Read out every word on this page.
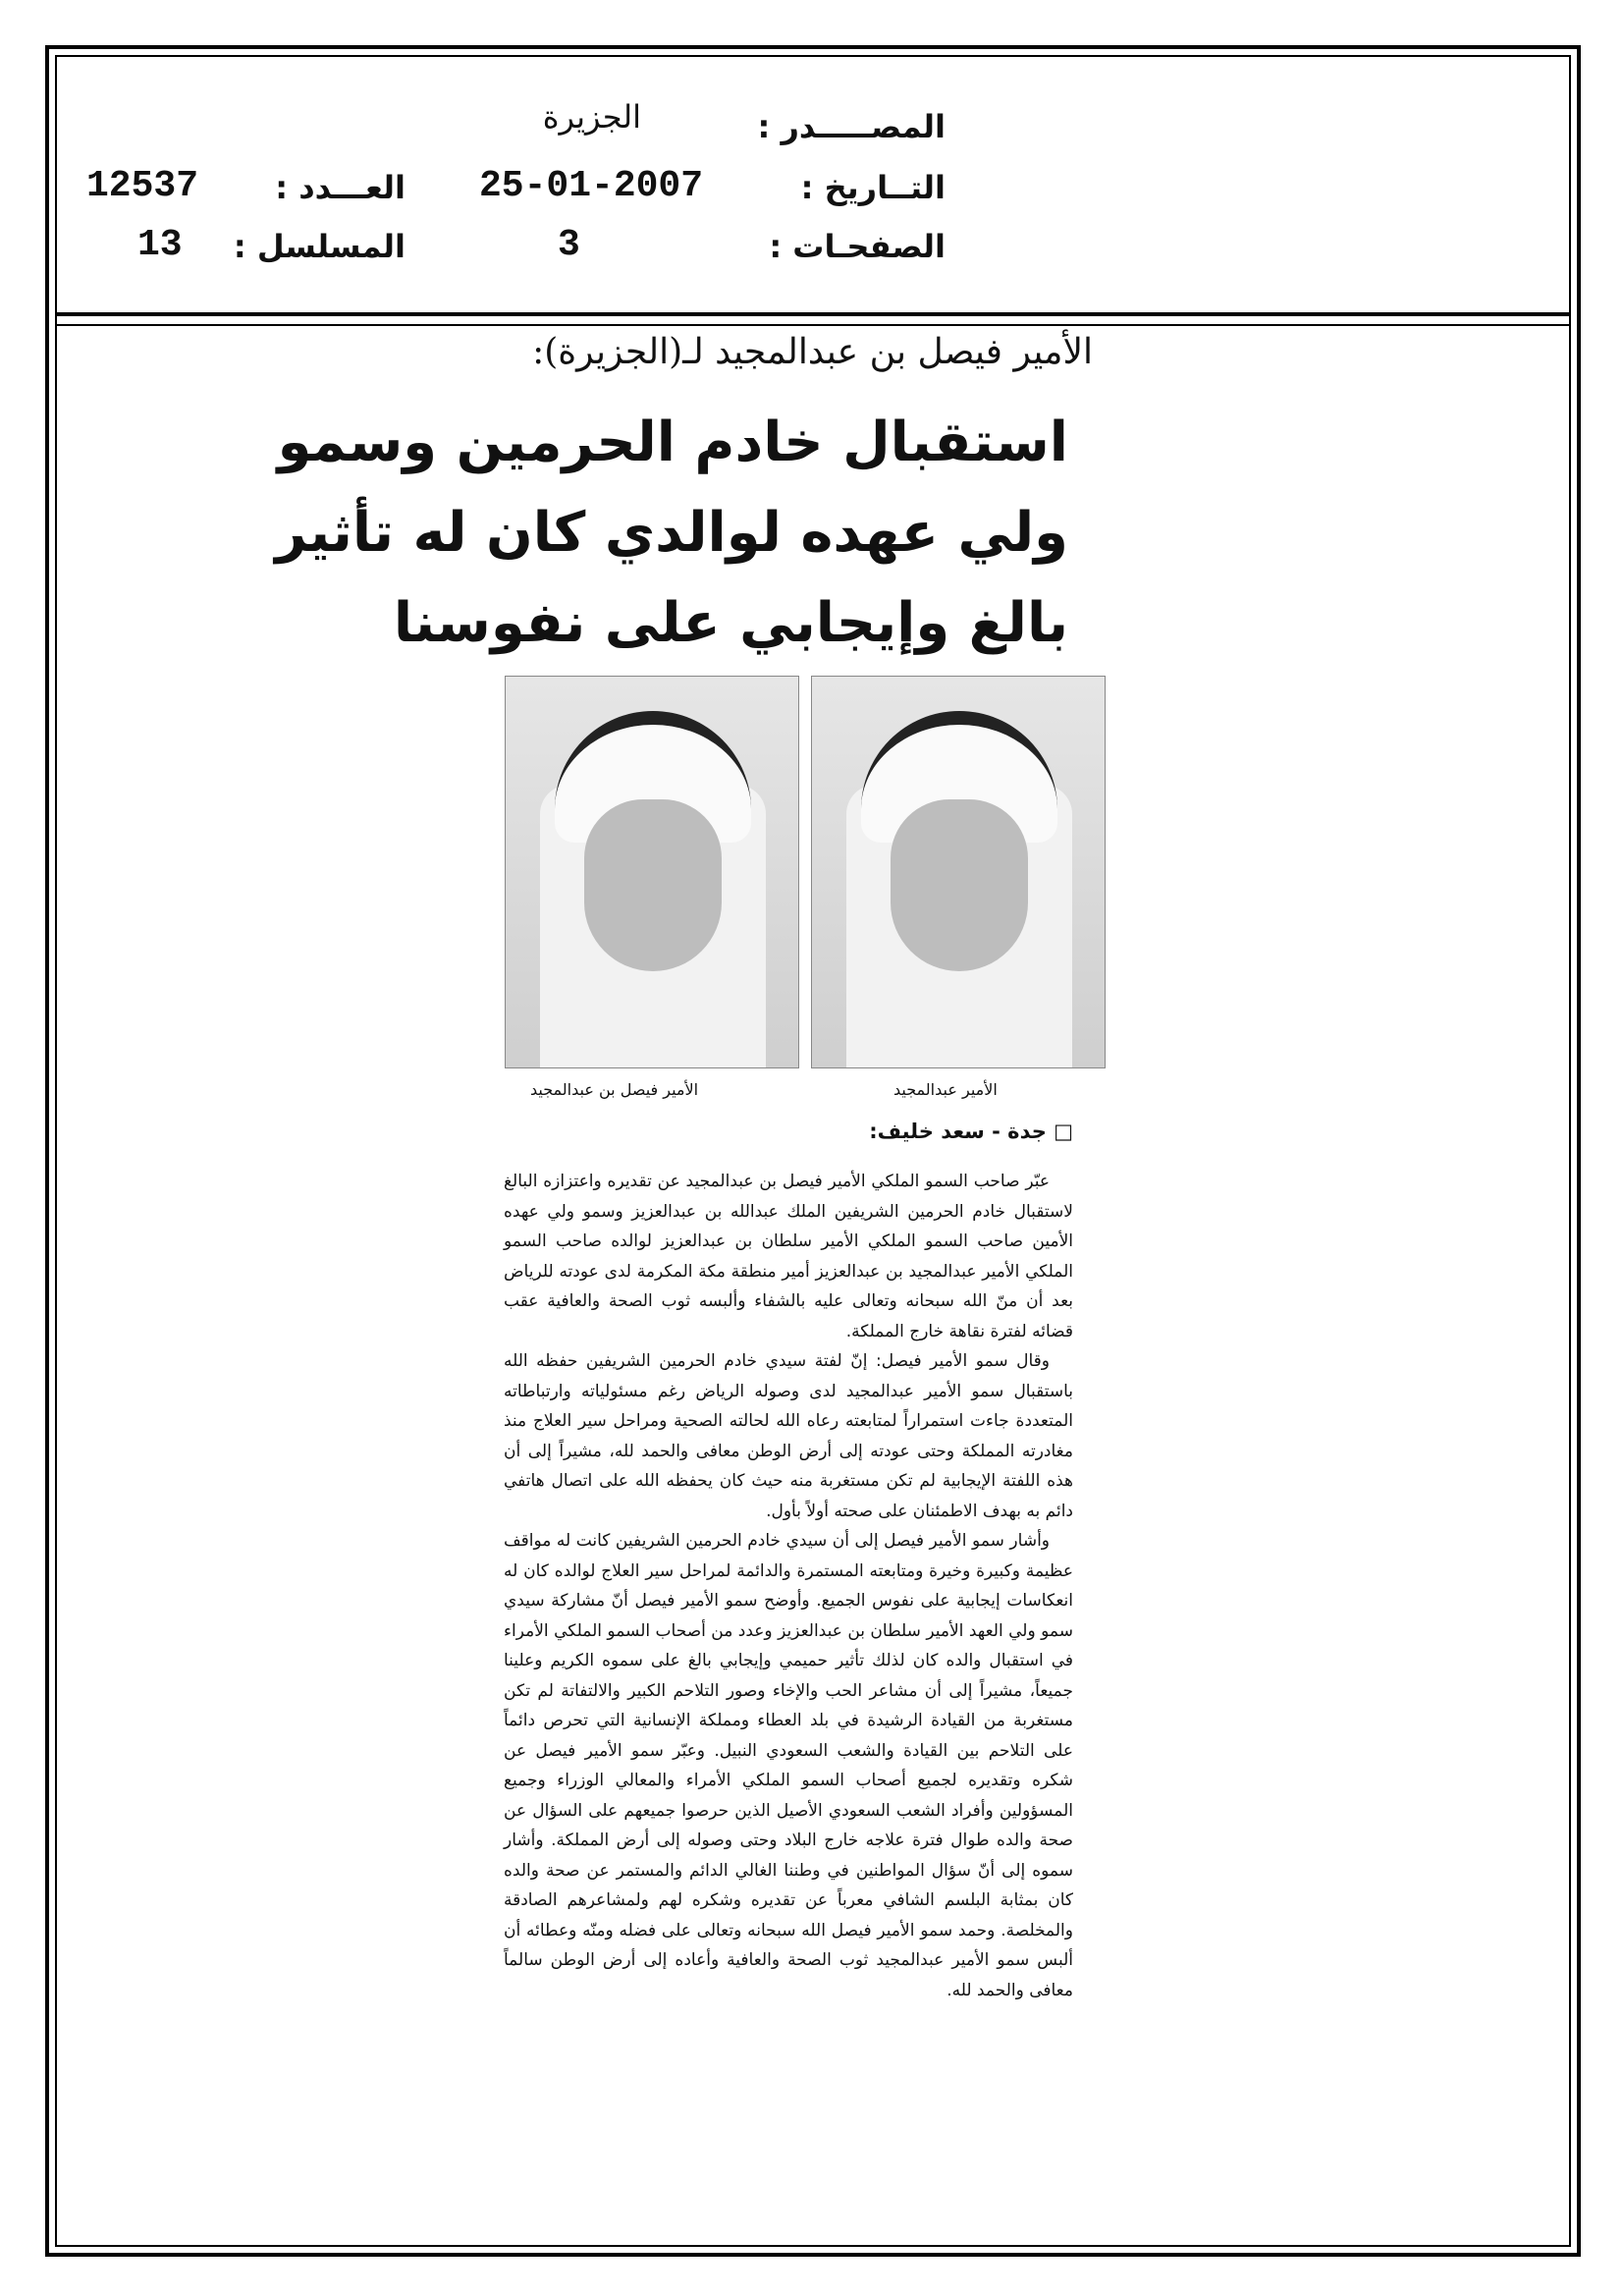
المصـــــدر :
الجزيرة
التــاريخ :
25-01-2007
العـــدد :
12537
الصفحـات :
3
المسلسل :
13
الأمير فيصل بن عبدالمجيد لـ(الجزيرة):
استقبال خادم الحرمين وسمو
ولي عهده لوالدي كان له تأثير
بالغ وإيجابي على نفوسنا
الأمير فيصل بن عبدالمجيد	الأمير عبدالمجيد
□ جدة - سعد خليف:

عبّر صاحب السمو الملكي الأمير فيصل بن عبدالمجيد عن تقديره واعتزازه البالغ لاستقبال خادم الحرمين الشريفين الملك عبدالله بن عبدالعزيز وسمو ولي عهده الأمين صاحب السمو الملكي الأمير سلطان بن عبدالعزيز لوالده صاحب السمو الملكي الأمير عبدالمجيد بن عبدالعزيز أمير منطقة مكة المكرمة لدى عودته للرياض بعد أن منّ الله سبحانه وتعالى عليه بالشفاء وألبسه ثوب الصحة والعافية عقب قضائه لفترة نقاهة خارج المملكة.

وقال سمو الأمير فيصل: إنّ لفتة سيدي خادم الحرمين الشريفين حفظه الله باستقبال سمو الأمير عبدالمجيد لدى وصوله الرياض رغم مسئولياته وارتباطاته المتعددة جاءت استمراراً لمتابعته رعاه الله لحالته الصحية ومراحل سير العلاج منذ مغادرته المملكة وحتى عودته إلى أرض الوطن معافى والحمد لله، مشيراً إلى أن هذه اللفتة الإيجابية لم تكن مستغربة منه حيث كان يحفظه الله على اتصال هاتفي دائم به بهدف الاطمئنان على صحته أولاً بأول.

وأشار سمو الأمير فيصل إلى أن سيدي خادم الحرمين الشريفين كانت له مواقف عظيمة وكبيرة وخيرة ومتابعته المستمرة والدائمة لمراحل سير العلاج لوالده كان له انعكاسات إيجابية على نفوس الجميع. وأوضح سمو الأمير فيصل أنّ مشاركة سيدي سمو ولي العهد الأمير سلطان بن عبدالعزيز وعدد من أصحاب السمو الملكي الأمراء في استقبال والده كان لذلك تأثير حميمي وإيجابي بالغ على سموه الكريم وعلينا جميعاً، مشيراً إلى أن مشاعر الحب والإخاء وصور التلاحم الكبير والالتفاتة لم تكن مستغربة من القيادة الرشيدة في بلد العطاء ومملكة الإنسانية التي تحرص دائماً على التلاحم بين القيادة والشعب السعودي النبيل. وعبّر سمو الأمير فيصل عن شكره وتقديره لجميع أصحاب السمو الملكي الأمراء والمعالي الوزراء وجميع المسؤولين وأفراد الشعب السعودي الأصيل الذين حرصوا جميعهم على السؤال عن صحة والده طوال فترة علاجه خارج البلاد وحتى وصوله إلى أرض المملكة. وأشار سموه إلى أنّ سؤال المواطنين في وطننا الغالي الدائم والمستمر عن صحة والده كان بمثابة البلسم الشافي معرباً عن تقديره وشكره لهم ولمشاعرهم الصادقة والمخلصة. وحمد سمو الأمير فيصل الله سبحانه وتعالى على فضله ومنّه وعطائه أن ألبس سمو الأمير عبدالمجيد ثوب الصحة والعافية وأعاده إلى أرض الوطن سالماً معافى والحمد لله.
